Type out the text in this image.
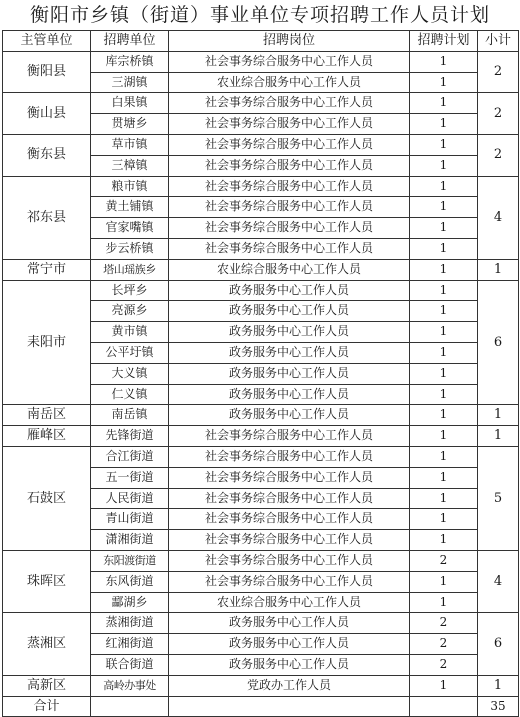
衡阳市乡镇（街道）事业单位专项招聘工作人员计划
主管单位	招聘单位	招聘岗位	招聘计划	小计
衡阳县	库宗桥镇	社会事务综合服务中心工作人员	1	2
	三湖镇	农业综合服务中心工作人员	1	
衡山县	白果镇	社会事务综合服务中心工作人员	1	2
	贯塘乡	社会事务综合服务中心工作人员	1	
衡东县	草市镇	社会事务综合服务中心工作人员	1	2
	三樟镇	社会事务综合服务中心工作人员	1	
祁东县	粮市镇	社会事务综合服务中心工作人员	1	4
	黄土铺镇	社会事务综合服务中心工作人员	1	
	官家嘴镇	社会事务综合服务中心工作人员	1	
	步云桥镇	社会事务综合服务中心工作人员	1	
常宁市	塔山瑶族乡	农业综合服务中心工作人员	1	1
耒阳市	长坪乡	政务服务中心工作人员	1	6
	亮源乡	政务服务中心工作人员	1	
	黄市镇	政务服务中心工作人员	1	
	公平圩镇	政务服务中心工作人员	1	
	大义镇	政务服务中心工作人员	1	
	仁义镇	政务服务中心工作人员	1	
南岳区	南岳镇	政务服务中心工作人员	1	1
雁峰区	先锋街道	社会事务综合服务中心工作人员	1	1
石鼓区	合江街道	社会事务综合服务中心工作人员	1	5
	五一街道	社会事务综合服务中心工作人员	1	
	人民街道	社会事务综合服务中心工作人员	1	
	青山街道	社会事务综合服务中心工作人员	1	
	潇湘街道	社会事务综合服务中心工作人员	1	
珠晖区	东阳渡街道	社会事务综合服务中心工作人员	2	4
	东风街道	社会事务综合服务中心工作人员	1	
	酃湖乡	农业综合服务中心工作人员	1	
蒸湘区	蒸湘街道	政务服务中心工作人员	2	6
	红湘街道	政务服务中心工作人员	2	
	联合街道	政务服务中心工作人员	2	
高新区	高岭办事处	党政办工作人员	1	1
合计				35
